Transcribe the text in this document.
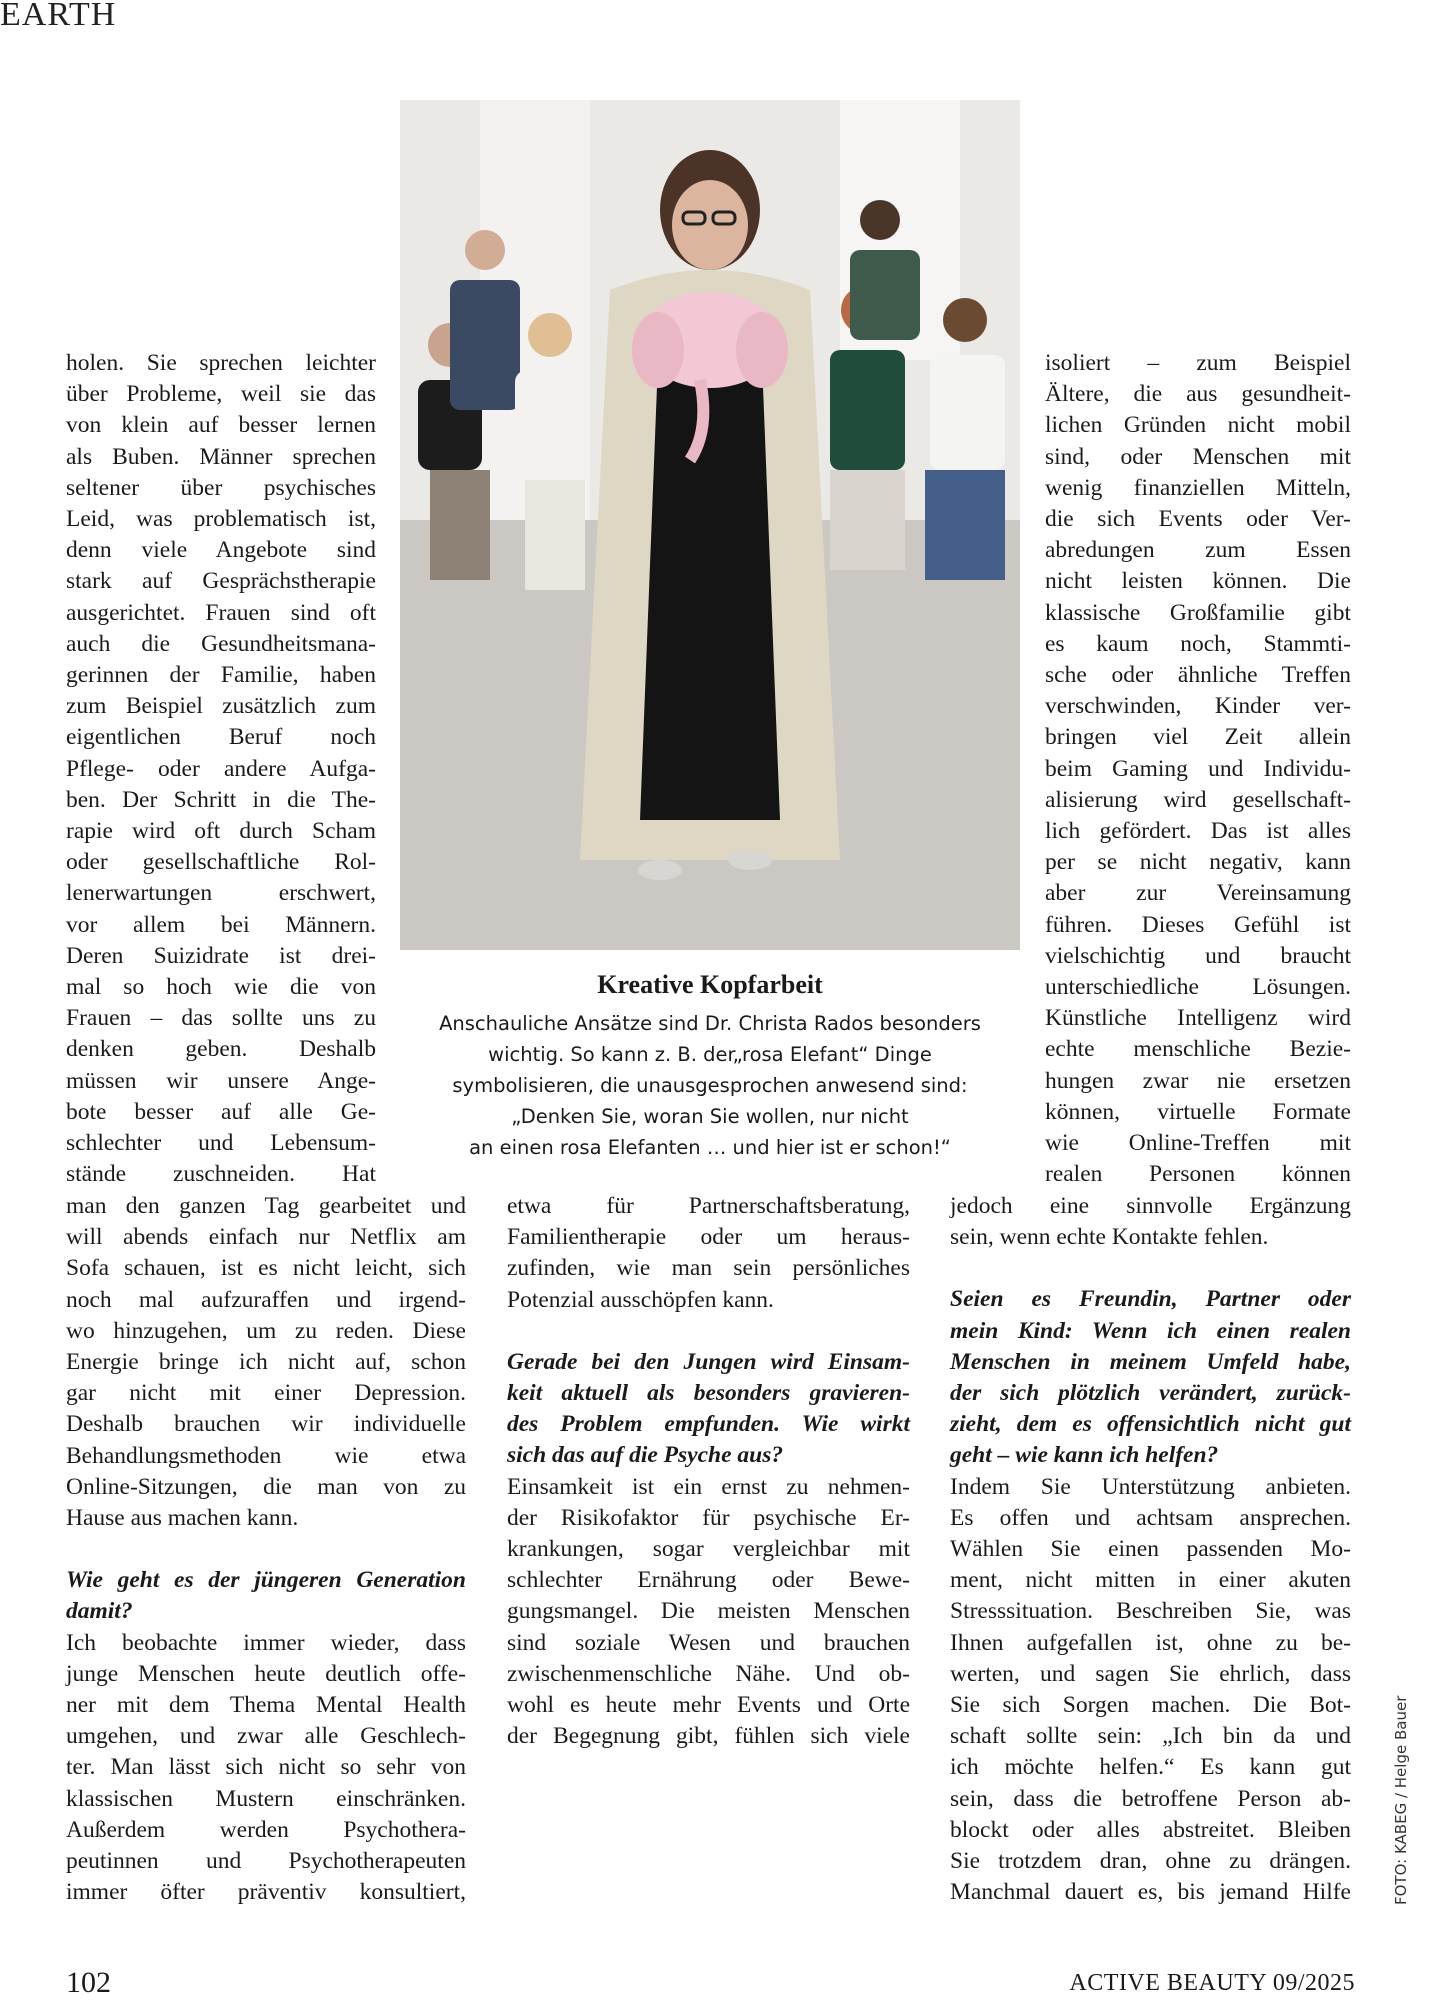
EARTH
holen. Sie sprechen leichter
über Probleme, weil sie das
von klein auf besser lernen
als Buben. Männer sprechen
seltener über psychisches
Leid, was problematisch ist,
denn viele Angebote sind
stark auf Gesprächstherapie
ausgerichtet. Frauen sind oft
auch die Gesundheitsmana-
gerinnen der Familie, haben
zum Beispiel zusätzlich zum
eigentlichen Beruf noch
Pflege- oder andere Aufga-
ben. Der Schritt in die The-
rapie wird oft durch Scham
oder gesellschaftliche Rol-
lenerwartungen erschwert,
vor allem bei Männern.
Deren Suizidrate ist drei-
mal so hoch wie die von
Frauen – das sollte uns zu
denken geben. Deshalb
müssen wir unsere Ange-
bote besser auf alle Ge-
schlechter und Lebensum-
stände zuschneiden. Hat
man den ganzen Tag gearbeitet und
will abends einfach nur Netflix am
Sofa schauen, ist es nicht leicht, sich
noch mal aufzuraffen und irgend-
wo hinzugehen, um zu reden. Diese
Energie bringe ich nicht auf, schon
gar nicht mit einer Depression.
Deshalb brauchen wir individuelle
Behandlungsmethoden wie etwa
Online-Sitzungen, die man von zu
Hause aus machen kann.

Wie geht es der jüngeren Generation
damit?

Ich beobachte immer wieder, dass
junge Menschen heute deutlich offe-
ner mit dem Thema Mental Health
umgehen, und zwar alle Geschlech-
ter. Man lässt sich nicht so sehr von
klassischen Mustern einschränken.
Außerdem werden Psychothera-
peutinnen und Psychotherapeuten
immer öfter präventiv konsultiert,
Kreative Kopfarbeit
Anschauliche Ansätze sind Dr. Christa Rados besonders
wichtig. So kann z. B. der„rosa Elefant“ Dinge
symbolisieren, die unausgesprochen anwesend sind:
„Denken Sie, woran Sie wollen, nur nicht
an einen rosa Elefanten … und hier ist er schon!“
etwa für Partnerschaftsberatung,
Familientherapie oder um heraus-
zufinden, wie man sein persönliches
Potenzial ausschöpfen kann.

Gerade bei den Jungen wird Einsam-
keit aktuell als besonders gravieren-
des Problem empfunden. Wie wirkt
sich das auf die Psyche aus?

Einsamkeit ist ein ernst zu nehmen-
der Risikofaktor für psychische Er-
krankungen, sogar vergleichbar mit
schlechter Ernährung oder Bewe-
gungsmangel. Die meisten Menschen
sind soziale Wesen und brauchen
zwischenmenschliche Nähe. Und ob-
wohl es heute mehr Events und Orte
der Begegnung gibt, fühlen sich viele
isoliert – zum Beispiel
Ältere, die aus gesundheit-
lichen Gründen nicht mobil
sind, oder Menschen mit
wenig finanziellen Mitteln,
die sich Events oder Ver-
abredungen zum Essen
nicht leisten können. Die
klassische Großfamilie gibt
es kaum noch, Stammti-
sche oder ähnliche Treffen
verschwinden, Kinder ver-
bringen viel Zeit allein
beim Gaming und Individu-
alisierung wird gesellschaft-
lich gefördert. Das ist alles
per se nicht negativ, kann
aber zur Vereinsamung
führen. Dieses Gefühl ist
vielschichtig und braucht
unterschiedliche Lösungen.
Künstliche Intelligenz wird
echte menschliche Bezie-
hungen zwar nie ersetzen
können, virtuelle Formate
wie Online-Treffen mit
realen Personen können
jedoch eine sinnvolle Ergänzung
sein, wenn echte Kontakte fehlen.

Seien es Freundin, Partner oder
mein Kind: Wenn ich einen realen
Menschen in meinem Umfeld habe,
der sich plötzlich verändert, zurück-
zieht, dem es offensichtlich nicht gut
geht – wie kann ich helfen?

Indem Sie Unterstützung anbieten.
Es offen und achtsam ansprechen.
Wählen Sie einen passenden Mo-
ment, nicht mitten in einer akuten
Stresssituation. Beschreiben Sie, was
Ihnen aufgefallen ist, ohne zu be-
werten, und sagen Sie ehrlich, dass
Sie sich Sorgen machen. Die Bot-
schaft sollte sein: „Ich bin da und
ich möchte helfen.“ Es kann gut
sein, dass die betroffene Person ab-
blockt oder alles abstreitet. Bleiben
Sie trotzdem dran, ohne zu drängen.
Manchmal dauert es, bis jemand Hilfe	FOTO: KABEG / Helge Bauer
102	ACTIVE BEAUTY 09/2025
